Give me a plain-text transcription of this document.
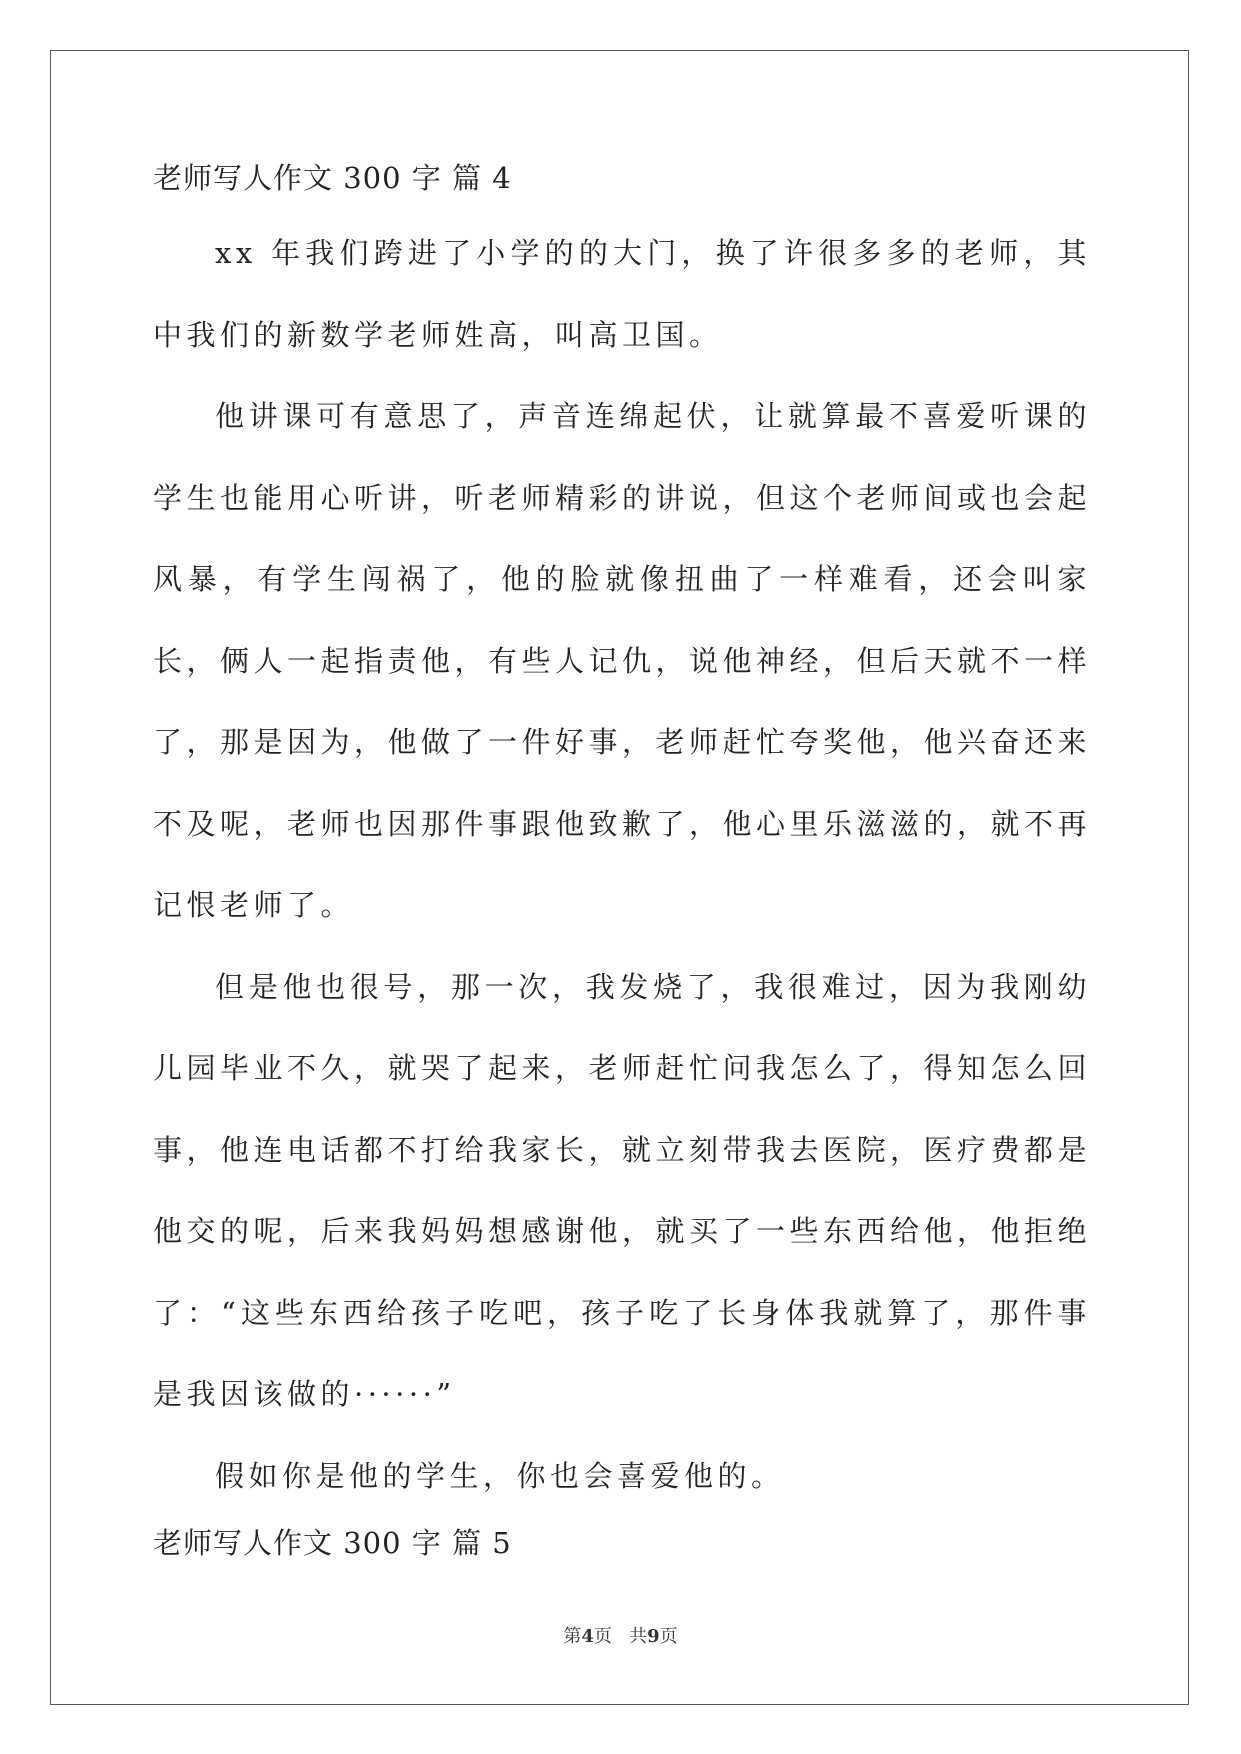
老师写人作文 300 字 篇 4

xx 年我们跨进了小学的的大门，换了许很多多的老师，其中我们的新数学老师姓高，叫高卫国。

他讲课可有意思了，声音连绵起伏，让就算最不喜爱听课的学生也能用心听讲，听老师精彩的讲说，但这个老师间或也会起风暴，有学生闯祸了，他的脸就像扭曲了一样难看，还会叫家长，俩人一起指责他，有些人记仇，说他神经，但后天就不一样了，那是因为，他做了一件好事，老师赶忙夸奖他，他兴奋还来不及呢，老师也因那件事跟他致歉了，他心里乐滋滋的，就不再记恨老师了。

但是他也很号，那一次，我发烧了，我很难过，因为我刚幼儿园毕业不久，就哭了起来，老师赶忙问我怎么了，得知怎么回事，他连电话都不打给我家长，就立刻带我去医院，医疗费都是他交的呢，后来我妈妈想感谢他，就买了一些东西给他，他拒绝了：“这些东西给孩子吃吧，孩子吃了长身体我就算了，那件事是我因该做的······”

假如你是他的学生，你也会喜爱他的。

老师写人作文 300 字 篇 5

第4页   共9页
